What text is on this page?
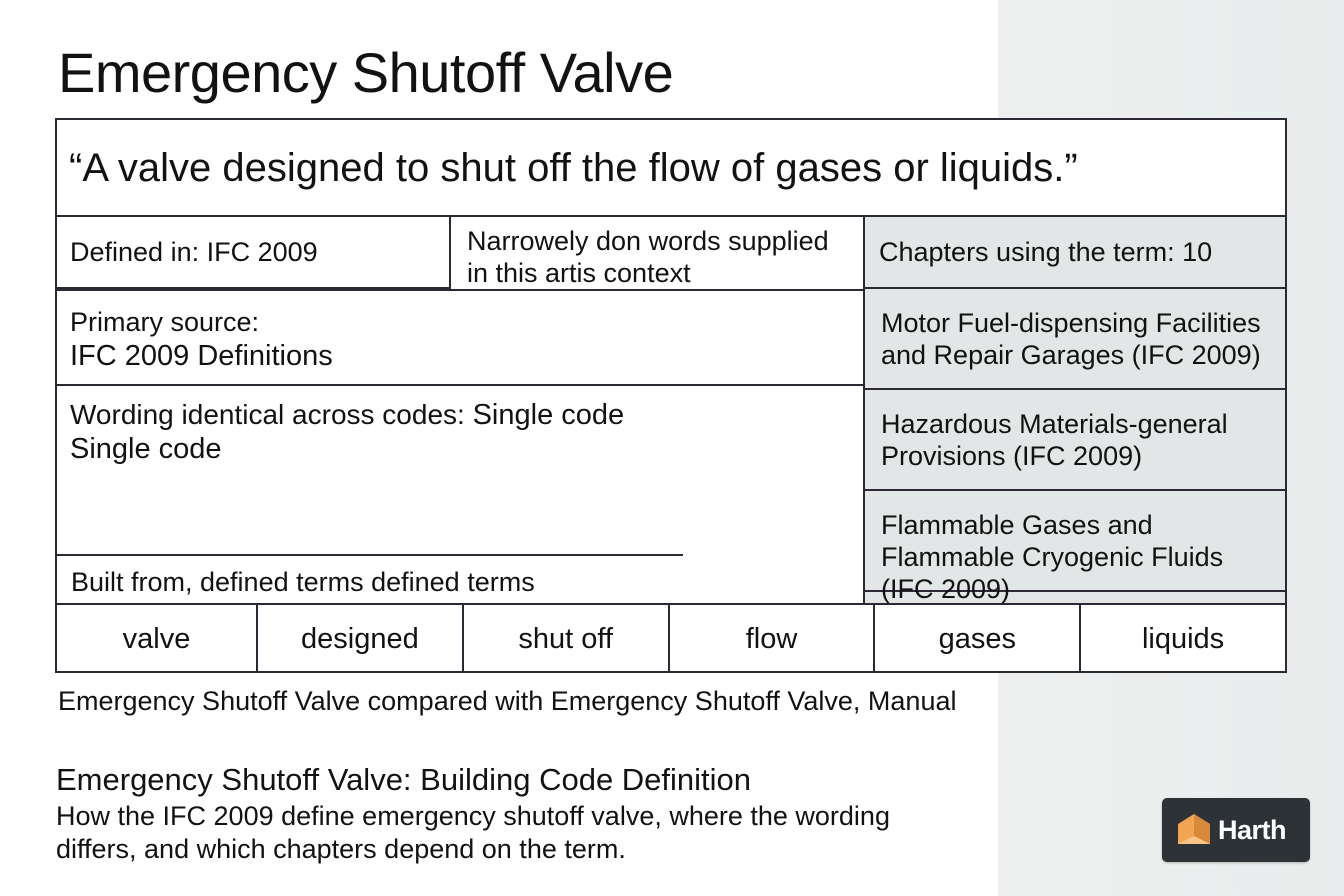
Emergency Shutoff Valve
“A valve designed to shut off the flow of gases or liquids.”
Defined in: IFC 2009	Narrowely don words supplied in this artis context
Primary source:
IFC 2009 Definitions
Wording identical across codes: Single code
Single code
Built from, defined terms defined terms
Chapters using the term: 10
Motor Fuel-dispensing Facilities and Repair Garages (IFC 2009)
Hazardous Materials-general Provisions (IFC 2009)
Flammable Gases and Flammable Cryogenic Fluids (IFC 2009)
valve	designed	shut off	flow	gases	liquids
Emergency Shutoff Valve compared with Emergency Shutoff Valve, Manual
Emergency Shutoff Valve: Building Code Definition

How the IFC 2009 define emergency shutoff valve, where the wording differs, and which chapters depend on the term.

Harth
